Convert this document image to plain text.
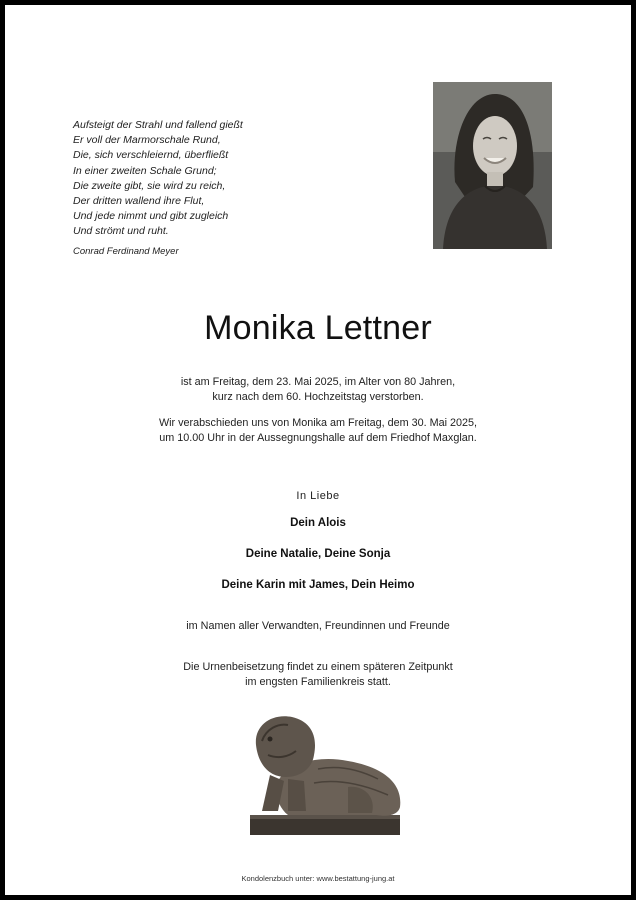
Aufsteigt der Strahl und fallend gießt
Er voll der Marmorschale Rund,
Die, sich verschleiernd, überfließt
In einer zweiten Schale Grund;
Die zweite gibt, sie wird zu reich,
Der dritten wallend ihre Flut,
Und jede nimmt und gibt zugleich
Und strömt und ruht.
Conrad Ferdinand Meyer
Monika Lettner
ist am Freitag, dem 23. Mai 2025, im Alter von 80 Jahren,
kurz nach dem 60. Hochzeitstag verstorben.
Wir verabschieden uns von Monika am Freitag, dem 30. Mai 2025,
um 10.00 Uhr in der Aussegnungshalle auf dem Friedhof Maxglan.
In Liebe
Dein Alois
Deine Natalie, Deine Sonja
Deine Karin mit James, Dein Heimo
im Namen aller Verwandten, Freundinnen und Freunde
Die Urnenbeisetzung findet zu einem späteren Zeitpunkt
im engsten Familienkreis statt.
Kondolenzbuch unter: www.bestattung-jung.at
